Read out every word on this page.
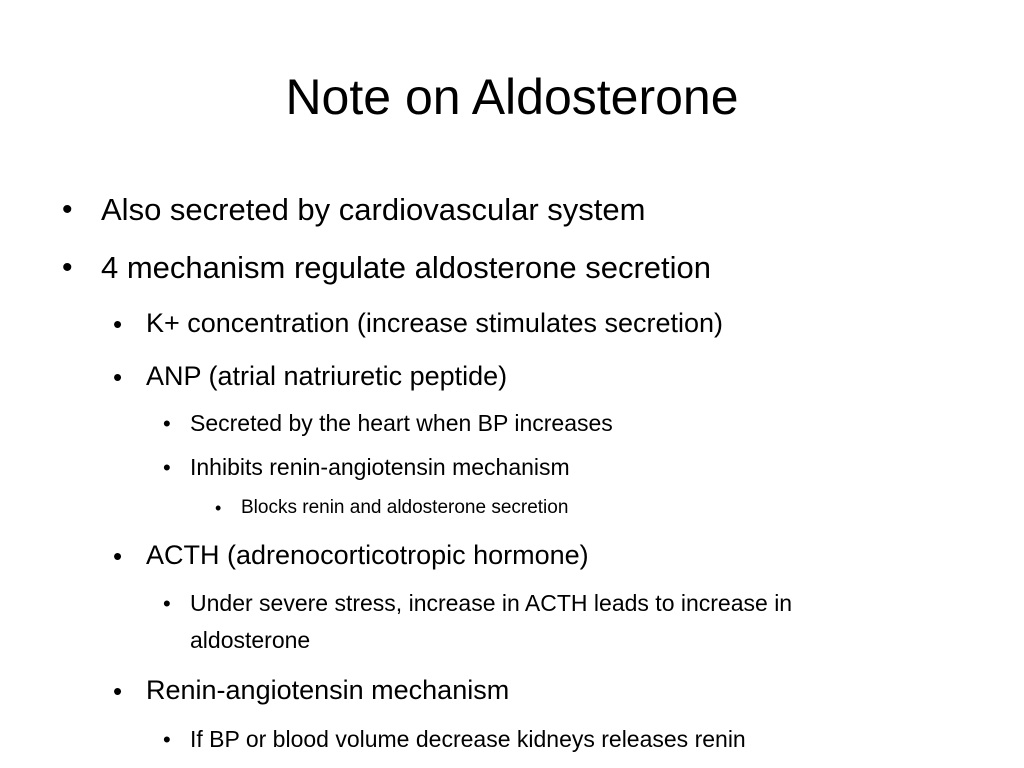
Note on Aldosterone
• Also secreted by cardiovascular system
• 4 mechanism regulate aldosterone secretion
• K+ concentration (increase stimulates secretion)
• ANP (atrial natriuretic peptide)
• Secreted by the heart when BP increases
• Inhibits renin-angiotensin mechanism
• Blocks renin and aldosterone secretion
• ACTH (adrenocorticotropic hormone)
• Under severe stress, increase in ACTH leads to increase in
aldosterone
• Renin-angiotensin mechanism
• If BP or blood volume decrease kidneys releases renin
